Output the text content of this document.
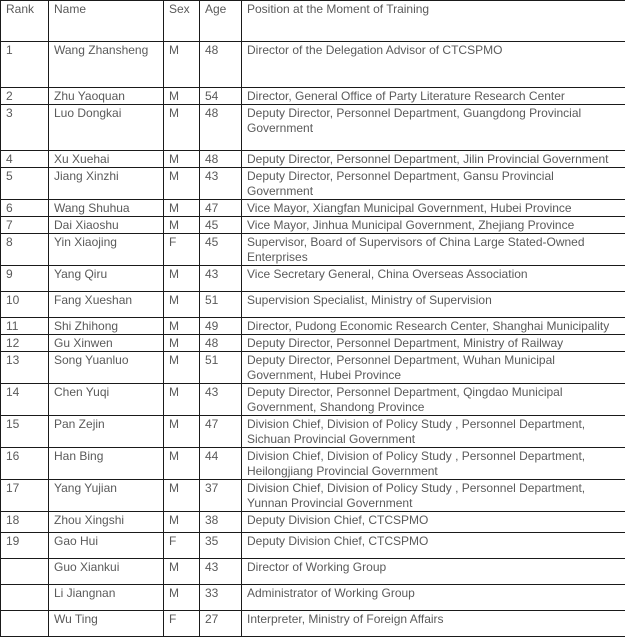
Rank	Name	Sex	Age	Position at the Moment of Training
1	Wang Zhansheng	M	48	Director of the Delegation Advisor of CTCSPMO
2	Zhu Yaoquan	M	54	Director, General Office of Party Literature Research Center
3	Luo Dongkai	M	48	Deputy Director, Personnel Department, Guangdong Provincial Government
4	Xu Xuehai	M	48	Deputy Director, Personnel Department, Jilin Provincial Government
5	Jiang Xinzhi	M	43	Deputy Director, Personnel Department, Gansu Provincial Government
6	Wang Shuhua	M	47	Vice Mayor, Xiangfan Municipal Government, Hubei Province
7	Dai Xiaoshu	M	45	Vice Mayor, Jinhua Municipal Government, Zhejiang Province
8	Yin Xiaojing	F	45	Supervisor, Board of Supervisors of China Large Stated-Owned Enterprises
9	Yang Qiru	M	43	Vice Secretary General, China Overseas Association
10	Fang Xueshan	M	51	Supervision Specialist, Ministry of Supervision
11	Shi Zhihong	M	49	Director, Pudong Economic Research Center, Shanghai Municipality
12	Gu Xinwen	M	48	Deputy Director, Personnel Department, Ministry of Railway
13	Song Yuanluo	M	51	Deputy Director, Personnel Department, Wuhan Municipal Government, Hubei Province
14	Chen Yuqi	M	43	Deputy Director, Personnel Department, Qingdao Municipal Government, Shandong Province
15	Pan Zejin	M	47	Division Chief, Division of Policy Study , Personnel Department, Sichuan Provincial Government
16	Han Bing	M	44	Division Chief, Division of Policy Study , Personnel Department, Heilongjiang Provincial Government
17	Yang Yujian	M	37	Division Chief, Division of Policy Study , Personnel Department, Yunnan Provincial Government
18	Zhou Xingshi	M	38	Deputy Division Chief, CTCSPMO
19	Gao Hui	F	35	Deputy Division Chief, CTCSPMO
	Guo Xiankui	M	43	Director of Working Group
	Li Jiangnan	M	33	Administrator of Working Group
	Wu Ting	F	27	Interpreter, Ministry of Foreign Affairs
